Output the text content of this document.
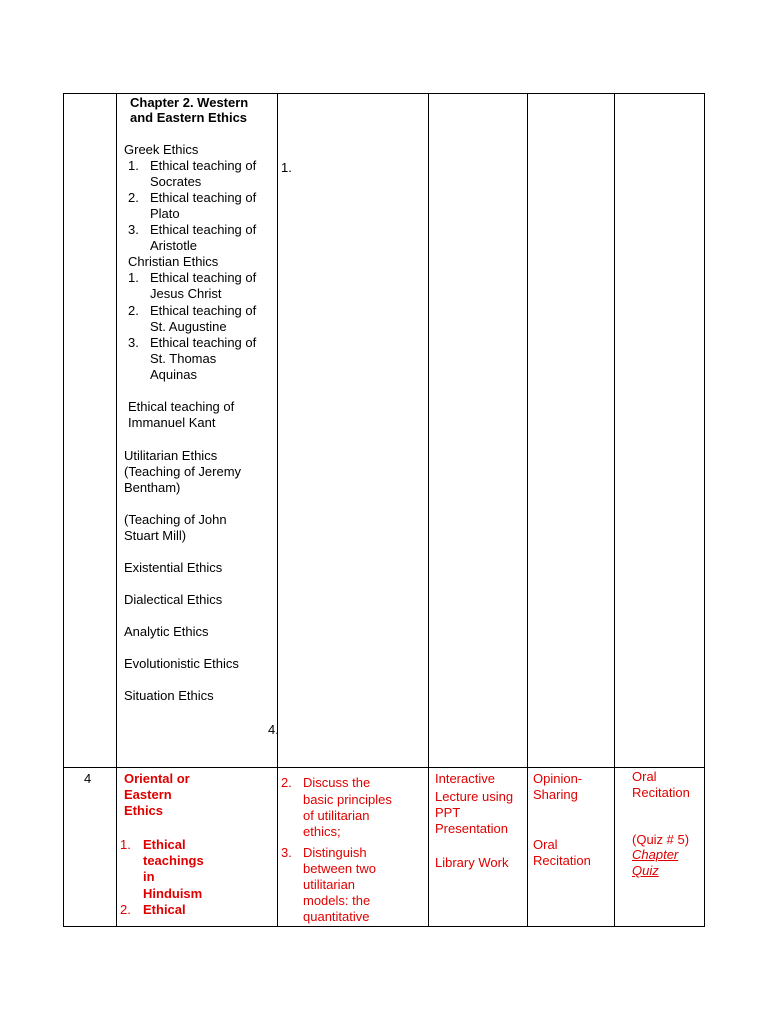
Chapter 2. Western
and Eastern Ethics
Greek Ethics
1. Ethical teaching of
Socrates
2. Ethical teaching of
Plato
3. Ethical teaching of
Aristotle
Christian Ethics
1. Ethical teaching of
Jesus Christ
2. Ethical teaching of
St. Augustine
3. Ethical teaching of
St. Thomas
Aquinas
Ethical teaching of
Immanuel Kant
Utilitarian Ethics
(Teaching of Jeremy
Bentham)
(Teaching of John
Stuart Mill)
Existential Ethics
Dialectical Ethics
Analytic Ethics
Evolutionistic Ethics
Situation Ethics
4.
1.
4	Oriental or
Eastern
Ethics
1. Ethical
teachings
in
Hinduism
2. Ethical
2. Discuss the
basic principles
of utilitarian
ethics;
3. Distinguish
between two
utilitarian
models: the
quantitative
Interactive
Lecture using
PPT
Presentation
Library Work
Opinion-
Sharing
Oral
Recitation
Oral
Recitation
(Quiz # 5)
Chapter
Quiz
